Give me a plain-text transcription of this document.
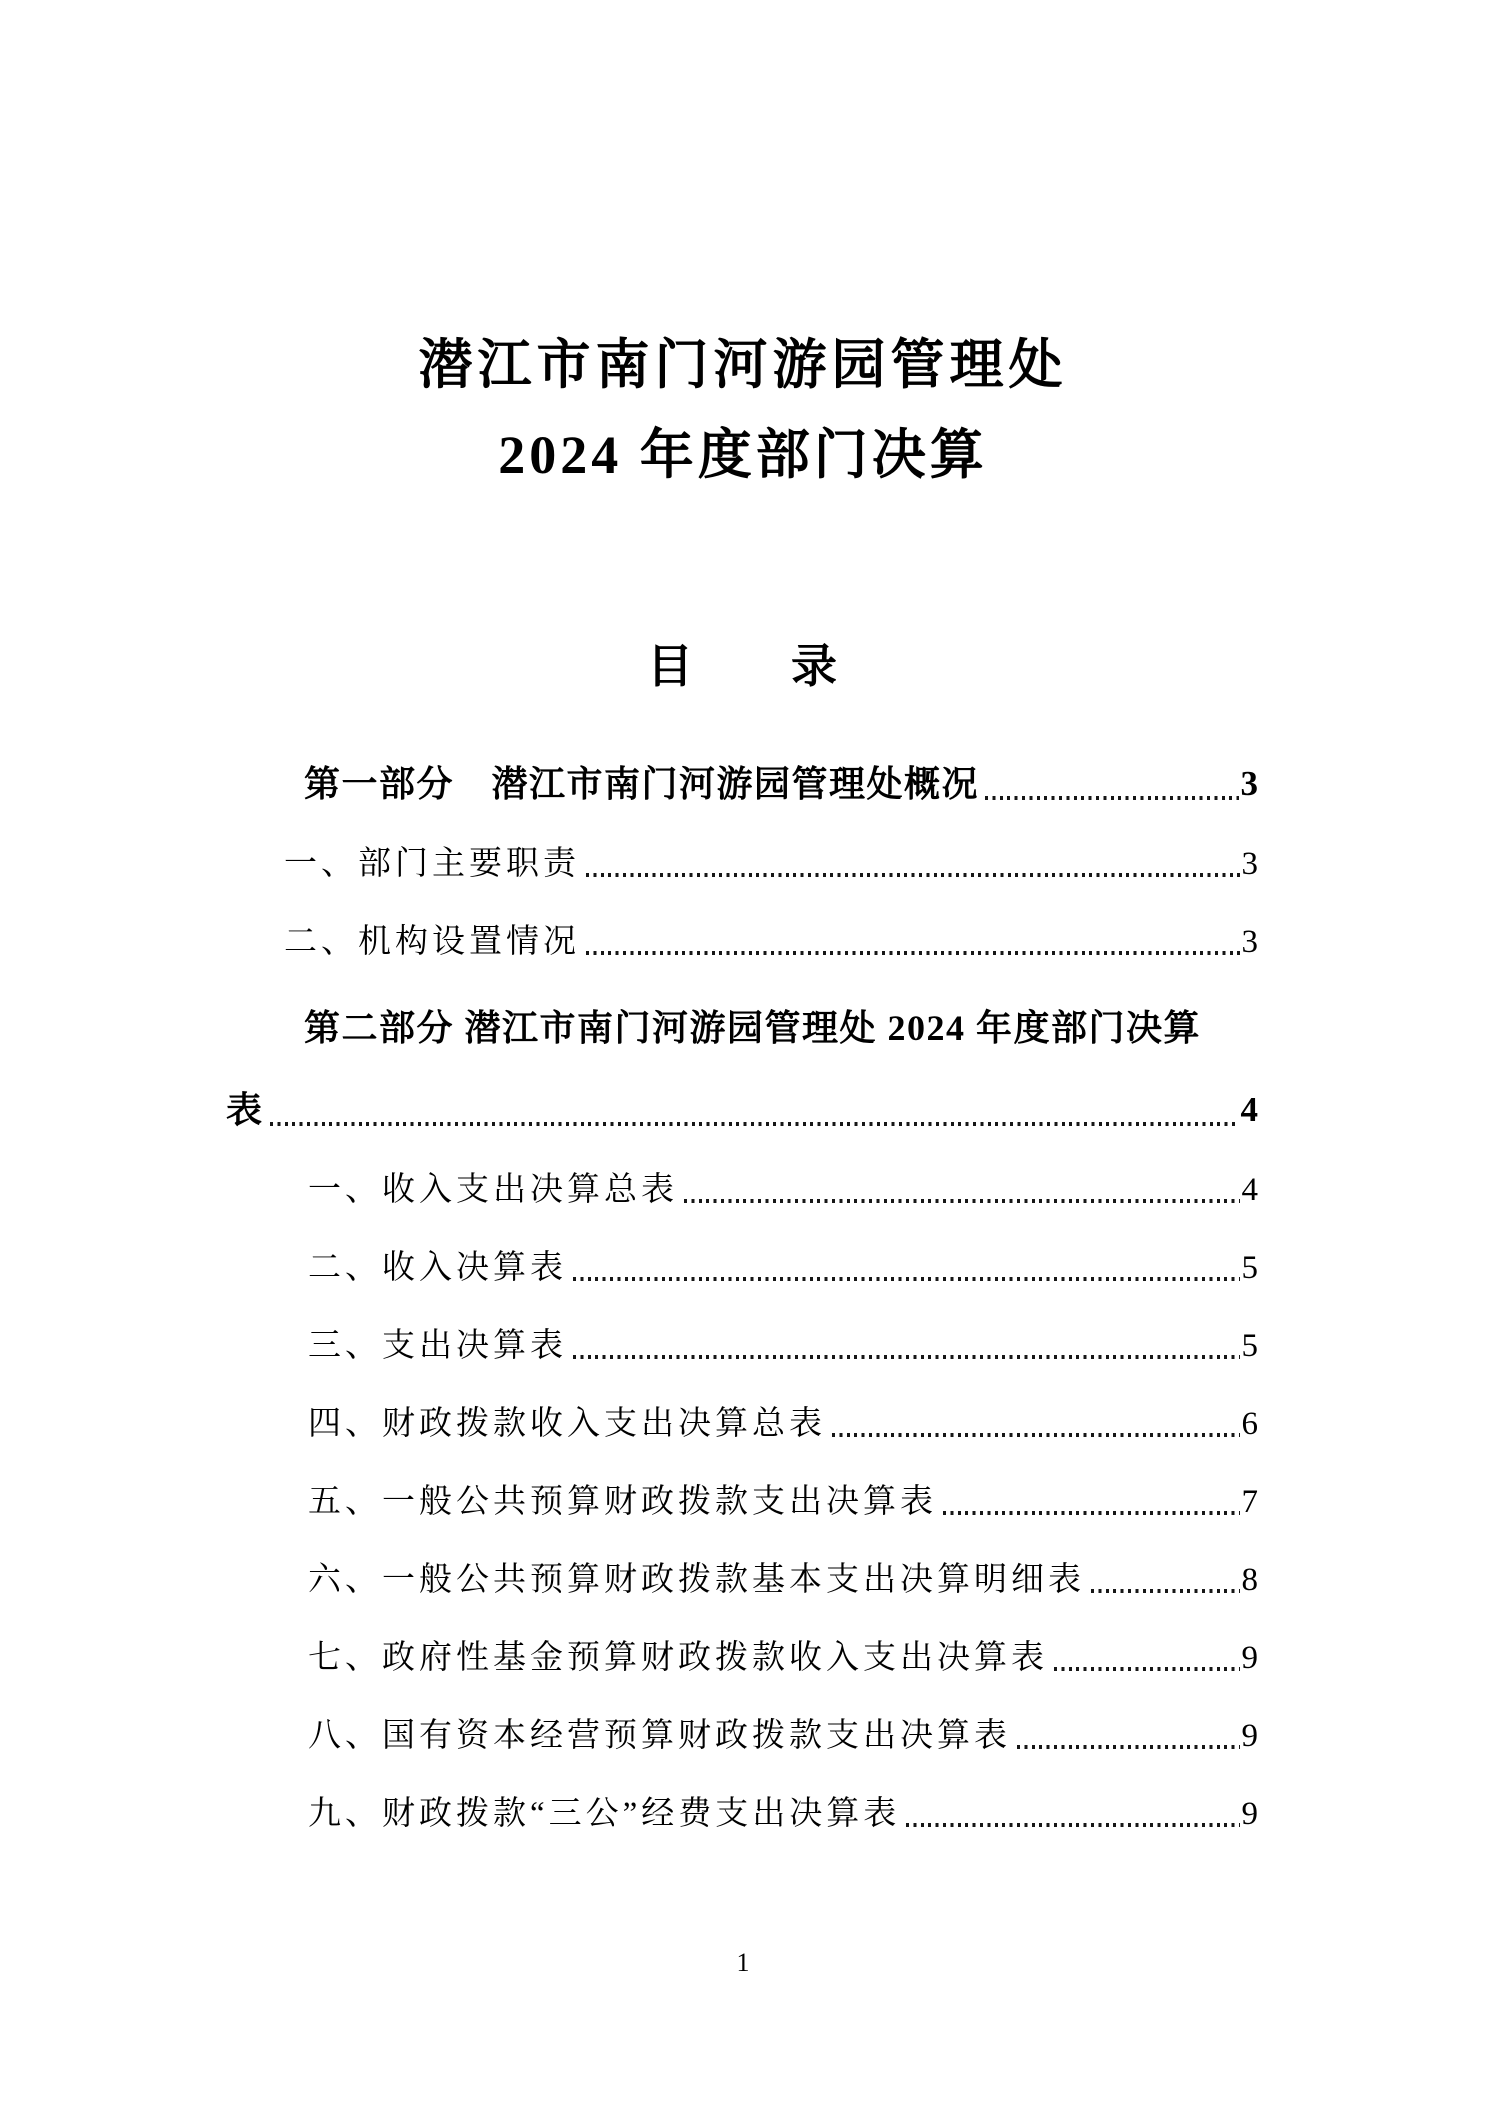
潜江市南门河游园管理处
2024 年度部门决算
目　　录
第一部分　潜江市南门河游园管理处概况	3
一、部门主要职责	3
二、机构设置情况	3
第二部分 潜江市南门河游园管理处 2024 年度部门决算
表	4
一、收入支出决算总表	4
二、收入决算表	5
三、支出决算表	5
四、财政拨款收入支出决算总表	6
五、一般公共预算财政拨款支出决算表	7
六、一般公共预算财政拨款基本支出决算明细表	8
七、政府性基金预算财政拨款收入支出决算表	9
八、国有资本经营预算财政拨款支出决算表	9
九、财政拨款“三公”经费支出决算表	9
1
